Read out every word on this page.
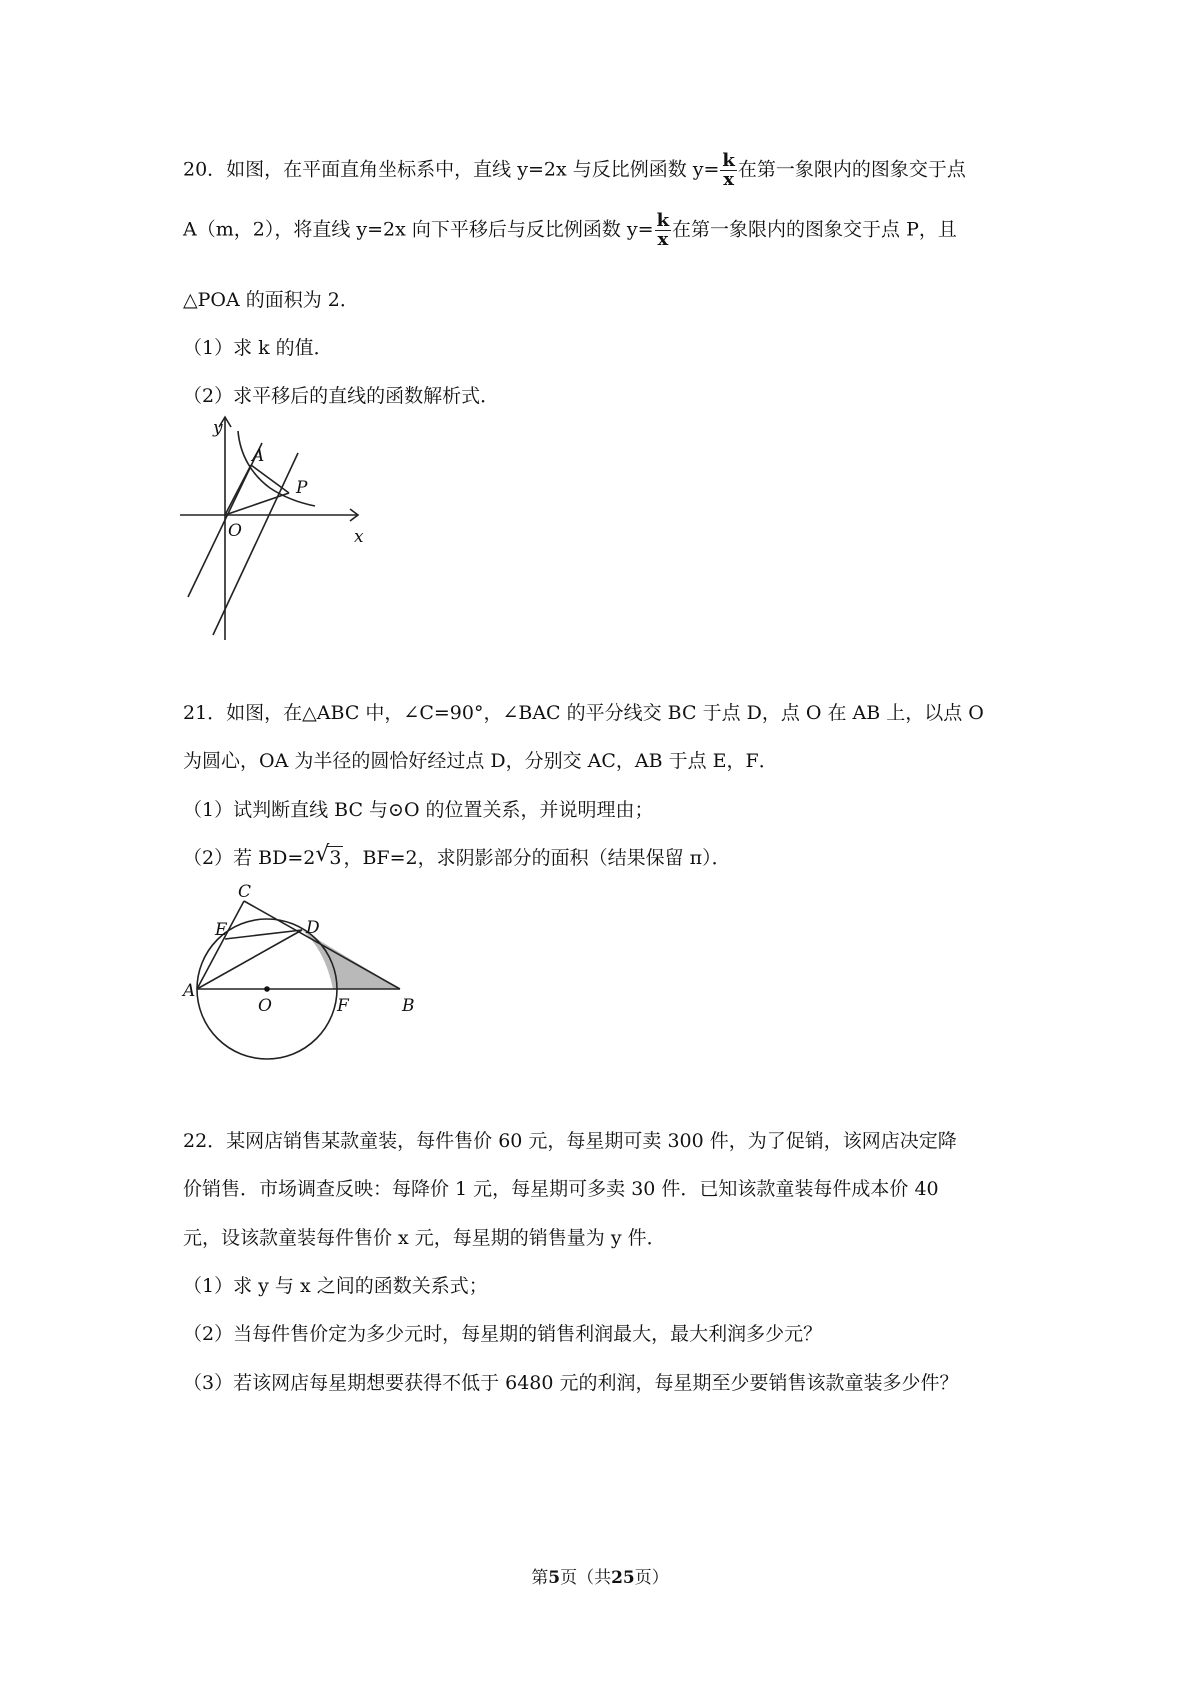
20．如图，在平面直角坐标系中，直线 y=2x 与反比例函数 $y= \frac{k}{x}$ 在第一象限内的图象交于点
A（m，2），将直线 y=2x 向下平移后与反比例函数 $y= \frac{k}{x}$ 在第一象限内的图象交于点 P，且
△POA 的面积为 2．
（1）求 k 的值．
（2）求平移后的直线的函数解析式．
y
A
P
O	x
21．如图，在△ABC 中，∠C=90°，∠BAC 的平分线交 BC 于点 D，点 O 在 AB 上，以点 O
为圆心，OA 为半径的圆恰好经过点 D，分别交 AC，AB 于点 E，F．
（1）试判断直线 BC 与⊙O 的位置关系，并说明理由；
（2）若 BD=2 √ 3 ，BF=2，求阴影部分的面积（结果保留 π）．
C
E	D
A
O	F	B
22．某网店销售某款童装，每件售价 60 元，每星期可卖 300 件，为了促销，该网店决定降
价销售．市场调查反映：每降价 1 元，每星期可多卖 30 件．已知该款童装每件成本价 40
元，设该款童装每件售价 x 元，每星期的销售量为 y 件．
（1）求 y 与 x 之间的函数关系式；
（2）当每件售价定为多少元时，每星期的销售利润最大，最大利润多少元？
（3）若该网店每星期想要获得不低于 6480 元的利润，每星期至少要销售该款童装多少件？
第5页（共25页）
